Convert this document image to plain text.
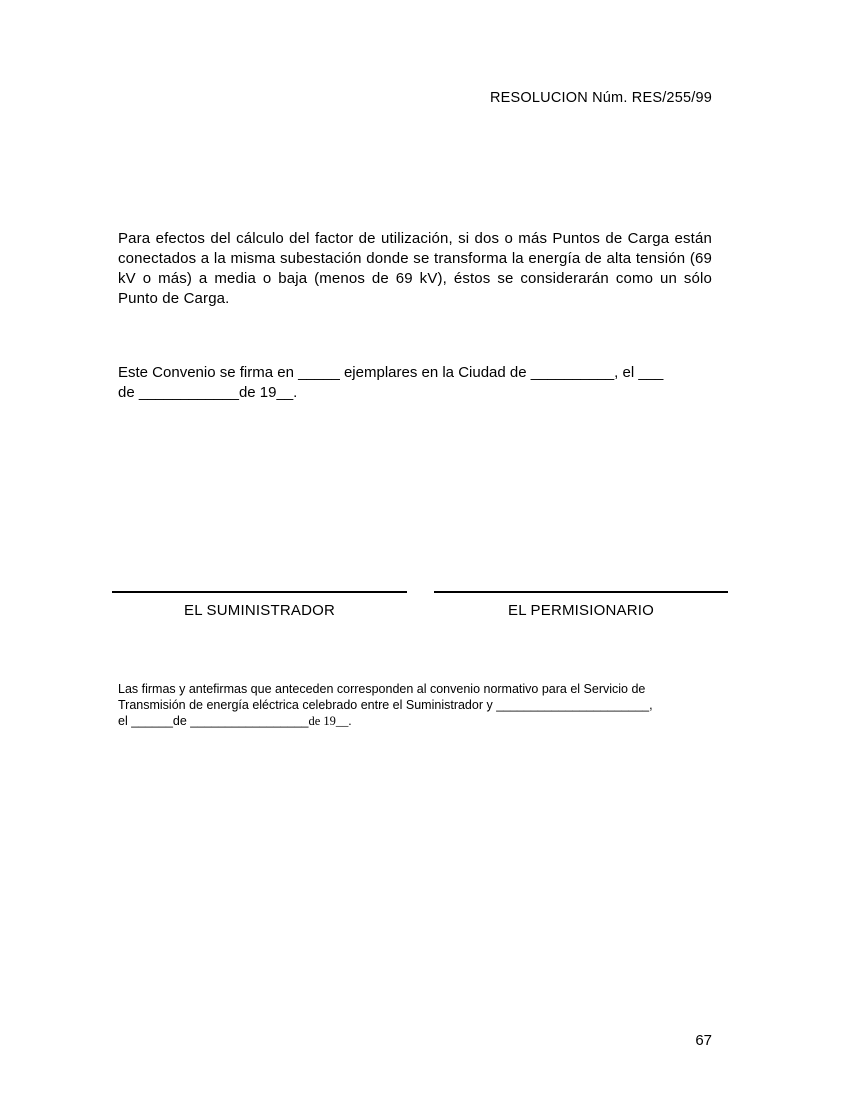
RESOLUCION Núm. RES/255/99

Para efectos del cálculo del factor de utilización, si dos o más Puntos de Carga están conectados a la misma subestación donde se transforma la energía de alta tensión (69 kV o más) a media o baja (menos de 69 kV), éstos se considerarán como un sólo Punto de Carga.

Este Convenio se firma en _____ ejemplares en la Ciudad de __________, el ___
de ____________de 19__.
EL SUMINISTRADOR	EL PERMISIONARIO
Las firmas y antefirmas que anteceden corresponden al convenio normativo para el Servicio de
Transmisión de energía eléctrica celebrado entre el Suministrador y ______________________,
el ______de _________________de 19__.
67
